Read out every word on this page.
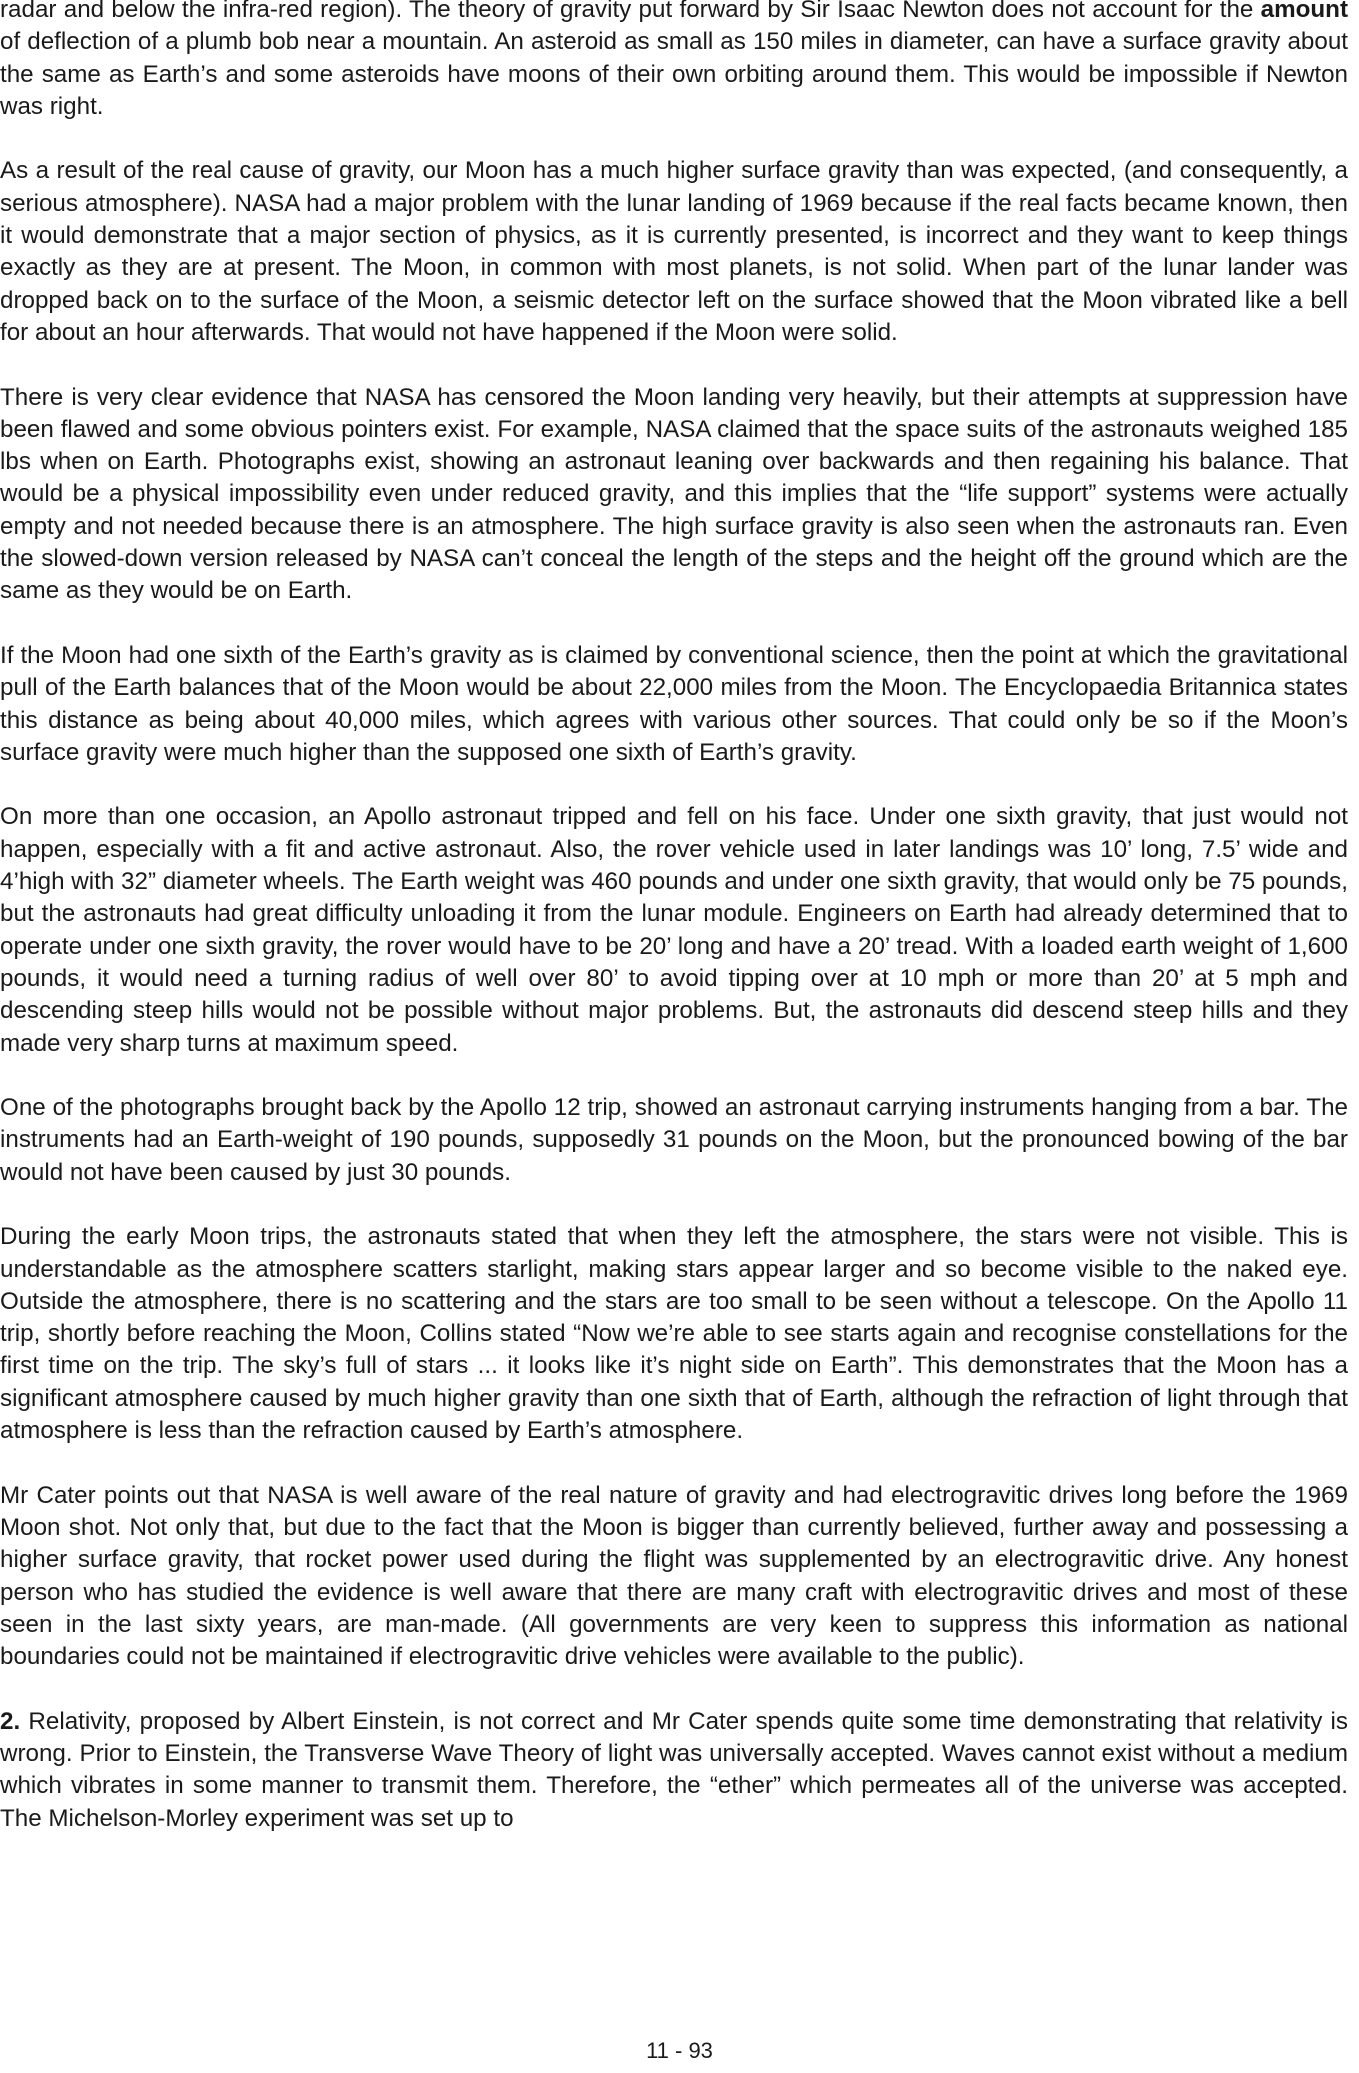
radar and below the infra-red region). The theory of gravity put forward by Sir Isaac Newton does not account for the amount of deflection of a plumb bob near a mountain. An asteroid as small as 150 miles in diameter, can have a surface gravity about the same as Earth’s and some asteroids have moons of their own orbiting around them. This would be impossible if Newton was right.

As a result of the real cause of gravity, our Moon has a much higher surface gravity than was expected, (and consequently, a serious atmosphere). NASA had a major problem with the lunar landing of 1969 because if the real facts became known, then it would demonstrate that a major section of physics, as it is currently presented, is incorrect and they want to keep things exactly as they are at present. The Moon, in common with most planets, is not solid. When part of the lunar lander was dropped back on to the surface of the Moon, a seismic detector left on the surface showed that the Moon vibrated like a bell for about an hour afterwards. That would not have happened if the Moon were solid.

There is very clear evidence that NASA has censored the Moon landing very heavily, but their attempts at suppression have been flawed and some obvious pointers exist. For example, NASA claimed that the space suits of the astronauts weighed 185 lbs when on Earth. Photographs exist, showing an astronaut leaning over backwards and then regaining his balance. That would be a physical impossibility even under reduced gravity, and this implies that the “life support” systems were actually empty and not needed because there is an atmosphere. The high surface gravity is also seen when the astronauts ran. Even the slowed-down version released by NASA can’t conceal the length of the steps and the height off the ground which are the same as they would be on Earth.

If the Moon had one sixth of the Earth’s gravity as is claimed by conventional science, then the point at which the gravitational pull of the Earth balances that of the Moon would be about 22,000 miles from the Moon. The Encyclopaedia Britannica states this distance as being about 40,000 miles, which agrees with various other sources. That could only be so if the Moon’s surface gravity were much higher than the supposed one sixth of Earth’s gravity.

On more than one occasion, an Apollo astronaut tripped and fell on his face. Under one sixth gravity, that just would not happen, especially with a fit and active astronaut. Also, the rover vehicle used in later landings was 10’ long, 7.5’ wide and 4’high with 32” diameter wheels. The Earth weight was 460 pounds and under one sixth gravity, that would only be 75 pounds, but the astronauts had great difficulty unloading it from the lunar module. Engineers on Earth had already determined that to operate under one sixth gravity, the rover would have to be 20’ long and have a 20’ tread. With a loaded earth weight of 1,600 pounds, it would need a turning radius of well over 80’ to avoid tipping over at 10 mph or more than 20’ at 5 mph and descending steep hills would not be possible without major problems. But, the astronauts did descend steep hills and they made very sharp turns at maximum speed.

One of the photographs brought back by the Apollo 12 trip, showed an astronaut carrying instruments hanging from a bar. The instruments had an Earth-weight of 190 pounds, supposedly 31 pounds on the Moon, but the pronounced bowing of the bar would not have been caused by just 30 pounds.

During the early Moon trips, the astronauts stated that when they left the atmosphere, the stars were not visible. This is understandable as the atmosphere scatters starlight, making stars appear larger and so become visible to the naked eye. Outside the atmosphere, there is no scattering and the stars are too small to be seen without a telescope. On the Apollo 11 trip, shortly before reaching the Moon, Collins stated “Now we’re able to see starts again and recognise constellations for the first time on the trip. The sky’s full of stars ... it looks like it’s night side on Earth”. This demonstrates that the Moon has a significant atmosphere caused by much higher gravity than one sixth that of Earth, although the refraction of light through that atmosphere is less than the refraction caused by Earth’s atmosphere.

Mr Cater points out that NASA is well aware of the real nature of gravity and had electrogravitic drives long before the 1969 Moon shot. Not only that, but due to the fact that the Moon is bigger than currently believed, further away and possessing a higher surface gravity, that rocket power used during the flight was supplemented by an electrogravitic drive. Any honest person who has studied the evidence is well aware that there are many craft with electrogravitic drives and most of these seen in the last sixty years, are man-made. (All governments are very keen to suppress this information as national boundaries could not be maintained if electrogravitic drive vehicles were available to the public).

2. Relativity, proposed by Albert Einstein, is not correct and Mr Cater spends quite some time demonstrating that relativity is wrong. Prior to Einstein, the Transverse Wave Theory of light was universally accepted. Waves cannot exist without a medium which vibrates in some manner to transmit them. Therefore, the “ether” which permeates all of the universe was accepted. The Michelson-Morley experiment was set up to

11 - 93
